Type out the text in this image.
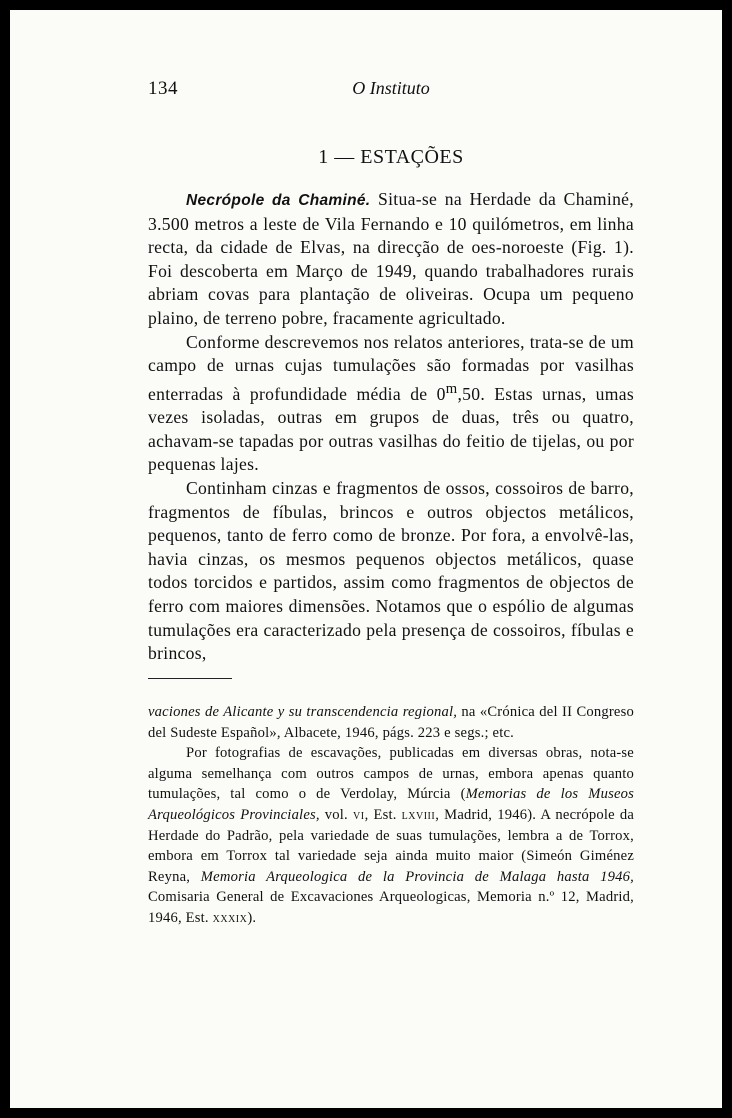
134	O Instituto
1 — ESTAÇÕES

Necrópole da Chaminé. Situa-se na Herdade da Chaminé, 3.500 metros a leste de Vila Fernando e 10 quilómetros, em linha recta, da cidade de Elvas, na direcção de oes-noroeste (Fig. 1). Foi descoberta em Março de 1949, quando trabalhadores rurais abriam covas para plantação de oliveiras. Ocupa um pequeno plaino, de terreno pobre, fracamente agricultado.

Conforme descrevemos nos relatos anteriores, trata-se de um campo de urnas cujas tumulações são formadas por vasilhas enterradas à profundidade média de 0$^m$,50. Estas urnas, umas vezes isoladas, outras em grupos de duas, três ou quatro, achavam-se tapadas por outras vasilhas do feitio de tijelas, ou por pequenas lajes.

Continham cinzas e fragmentos de ossos, cossoiros de barro, fragmentos de fíbulas, brincos e outros objectos metálicos, pequenos, tanto de ferro como de bronze. Por fora, a envolvê-las, havia cinzas, os mesmos pequenos objectos metálicos, quase todos torcidos e partidos, assim como fragmentos de objectos de ferro com maiores dimensões. Notamos que o espólio de algumas tumulações era caracterizado pela presença de cossoiros, fíbulas e brincos,

vaciones de Alicante y su transcendencia regional, na «Crónica del II Congreso del Sudeste Español», Albacete, 1946, págs. 223 e segs.; etc.

Por fotografias de escavações, publicadas em diversas obras, nota-se alguma semelhança com outros campos de urnas, embora apenas quanto tumulações, tal como o de Verdolay, Múrcia (Memorias de los Museos Arqueológicos Provinciales, vol. vi, Est. lxviii, Madrid, 1946). A necrópole da Herdade do Padrão, pela variedade de suas tumulações, lembra a de Torrox, embora em Torrox tal variedade seja ainda muito maior (Simeón Giménez Reyna, Memoria Arqueologica de la Provincia de Malaga hasta 1946, Comisaria General de Excavaciones Arqueologicas, Memoria n.º 12, Madrid, 1946, Est. xxxix).
